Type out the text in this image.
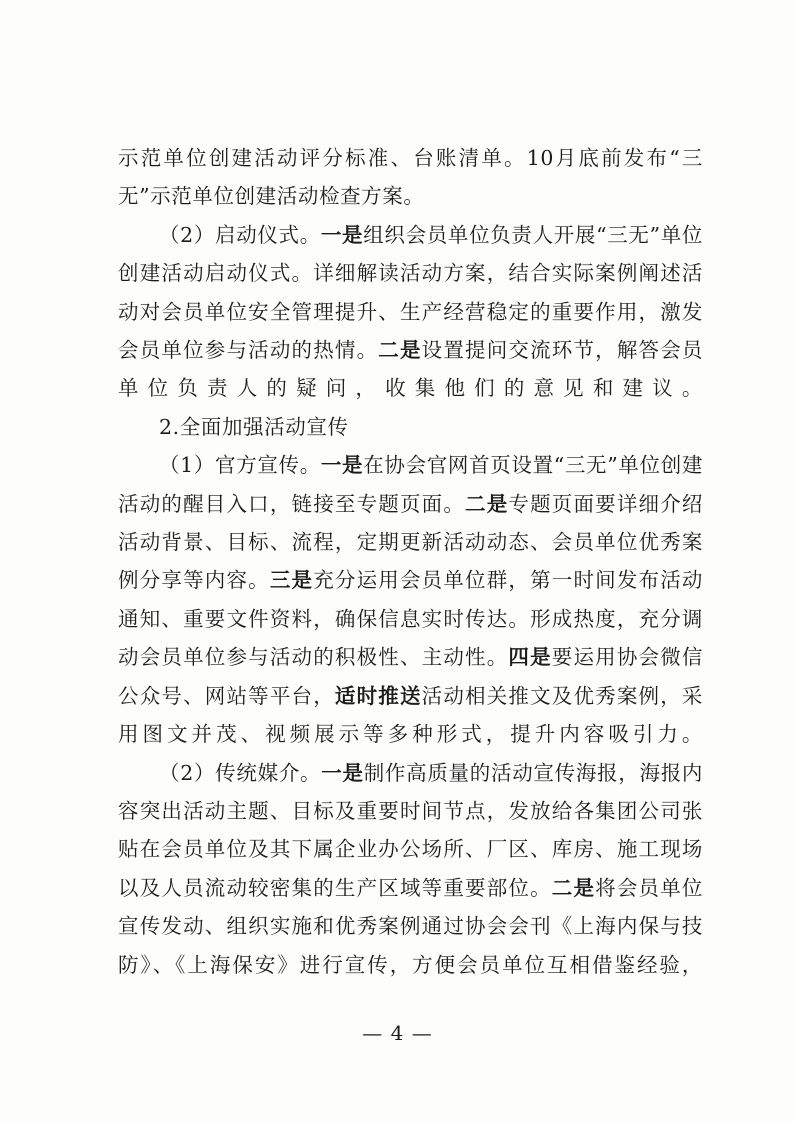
示范单位创建活动评分标准、台账清单。10月底前发布“三无”示范单位创建活动检查方案。

（2）启动仪式。一是组织会员单位负责人开展“三无”单位创建活动启动仪式。详细解读活动方案，结合实际案例阐述活动对会员单位安全管理提升、生产经营稳定的重要作用，激发会员单位参与活动的热情。二是设置提问交流环节，解答会员单位负责人的疑问，收集他们的意见和建议。

2.全面加强活动宣传

（1）官方宣传。一是在协会官网首页设置“三无”单位创建活动的醒目入口，链接至专题页面。二是专题页面要详细介绍活动背景、目标、流程，定期更新活动动态、会员单位优秀案例分享等内容。三是充分运用会员单位群，第一时间发布活动通知、重要文件资料，确保信息实时传达。形成热度，充分调动会员单位参与活动的积极性、主动性。四是要运用协会微信公众号、网站等平台，适时推送活动相关推文及优秀案例，采用图文并茂、视频展示等多种形式，提升内容吸引力。

（2）传统媒介。一是制作高质量的活动宣传海报，海报内容突出活动主题、目标及重要时间节点，发放给各集团公司张贴在会员单位及其下属企业办公场所、厂区、库房、施工现场以及人员流动较密集的生产区域等重要部位。二是将会员单位宣传发动、组织实施和优秀案例通过协会会刊《上海内保与技防》、《上海保安》进行宣传，方便会员单位互相借鉴经验，

— 4 —
